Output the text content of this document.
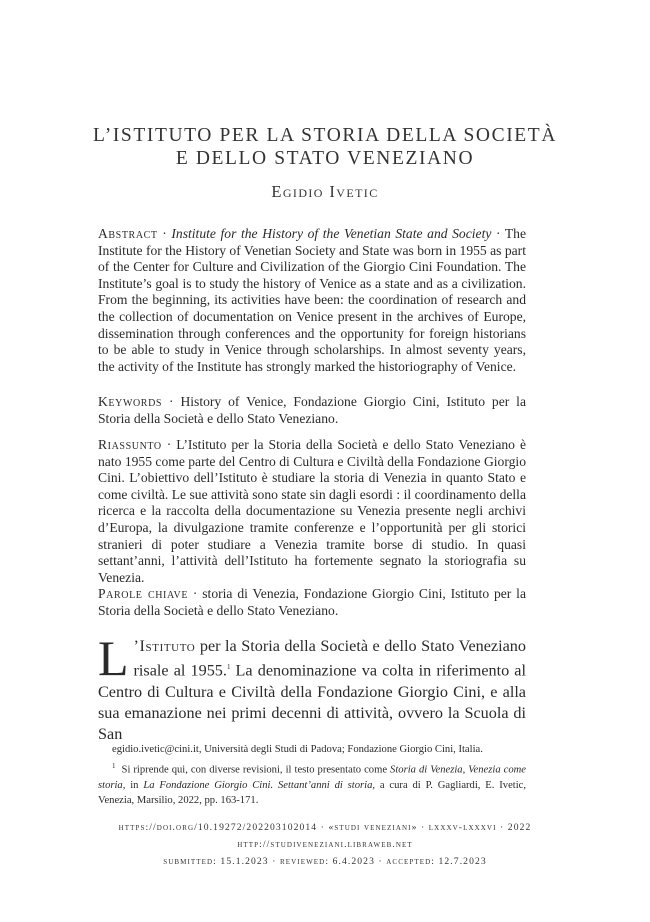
L’ISTITUTO PER LA STORIA DELLA SOCIETÀ
E DELLO STATO VENEZIANO
Egidio Ivetic
Abstract · Institute for the History of the Venetian State and Society · The Institute for the History of Venetian Society and State was born in 1955 as part of the Center for Culture and Civilization of the Giorgio Cini Foundation. The Institute’s goal is to study the history of Venice as a state and as a civilization. From the beginning, its activities have been: the coordination of research and the collection of documentation on Venice present in the archives of Europe, dissemination through conferences and the opportunity for foreign historians to be able to study in Venice through scholarships. In almost seventy years, the activity of the Institute has strongly marked the historiography of Venice.
Keywords · History of Venice, Fondazione Giorgio Cini, Istituto per la Storia della Società e dello Stato Veneziano.
Riassunto · L’Istituto per la Storia della Società e dello Stato Veneziano è nato 1955 come parte del Centro di Cultura e Civiltà della Fondazione Giorgio Cini. L’obiettivo dell’Istituto è studiare la storia di Venezia in quanto Stato e come civiltà. Le sue attività sono state sin dagli esordi : il coordinamento della ricerca e la raccolta della documentazione su Venezia presente negli archivi d’Europa, la divulgazione tramite conferenze e l’opportunità per gli storici stranieri di poter studiare a Venezia tramite borse di studio. In quasi settant’anni, l’attività dell’Istituto ha fortemente segnato la storiografia su Venezia.
Parole chiave · storia di Venezia, Fondazione Giorgio Cini, Istituto per la Storia della Società e dello Stato Veneziano.
L ’Istituto per la Storia della Società e dello Stato Veneziano risale al 1955.$^1$ La denominazione va colta in riferimento al Centro di Cultura e Civiltà della Fondazione Giorgio Cini, e alla sua emanazione nei primi decenni di attività, ovvero la Scuola di San
egidio.ivetic@cini.it, Università degli Studi di Padova; Fondazione Giorgio Cini, Italia.
$^1$ Si riprende qui, con diverse revisioni, il testo presentato come Storia di Venezia, Venezia come storia, in La Fondazione Giorgio Cini. Settant’anni di storia, a cura di P. Gagliardi, E. Ivetic, Venezia, Marsilio, 2022, pp. 163-171.
https://doi.org/10.19272/202203102014 · «studi veneziani» · lxxxv-lxxxvi · 2022
http://studiveneziani.libraweb.net
submitted: 15.1.2023 · reviewed: 6.4.2023 · accepted: 12.7.2023
